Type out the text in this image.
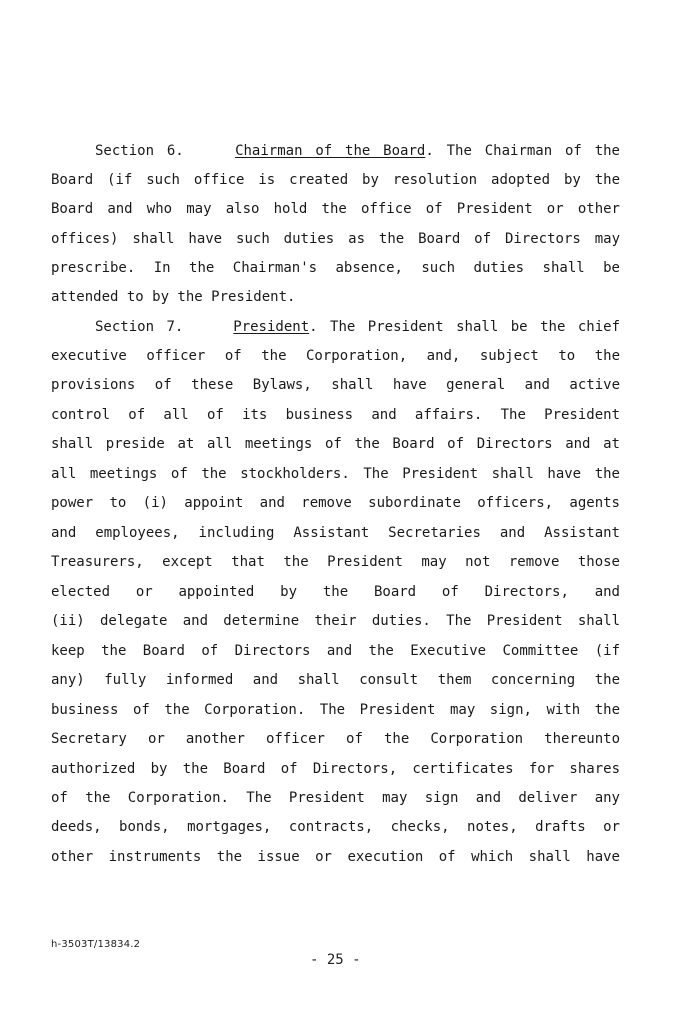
Section 6.	Chairman of the Board. The Chairman of the
Board (if such office is created by resolution adopted by the
Board and who may also hold the office of President or other
offices) shall have such duties as the Board of Directors may
prescribe. In the Chairman's absence, such duties shall be
attended to by the President.
Section 7.	President. The President shall be the chief
executive officer of the Corporation, and, subject to the
provisions of these Bylaws, shall have general and active
control of all of its business and affairs. The President
shall preside at all meetings of the Board of Directors and at
all meetings of the stockholders. The President shall have the
power to (i) appoint and remove subordinate officers, agents
and employees, including Assistant Secretaries and Assistant
Treasurers, except that the President may not remove those
elected or appointed by the Board of Directors, and
(ii) delegate and determine their duties. The President shall
keep the Board of Directors and the Executive Committee (if
any) fully informed and shall consult them concerning the
business of the Corporation. The President may sign, with the
Secretary or another officer of the Corporation thereunto
authorized by the Board of Directors, certificates for shares
of the Corporation. The President may sign and deliver any
deeds, bonds, mortgages, contracts, checks, notes, drafts or
other instruments the issue or execution of which shall have
h-3503T/13834.2
- 25 -
